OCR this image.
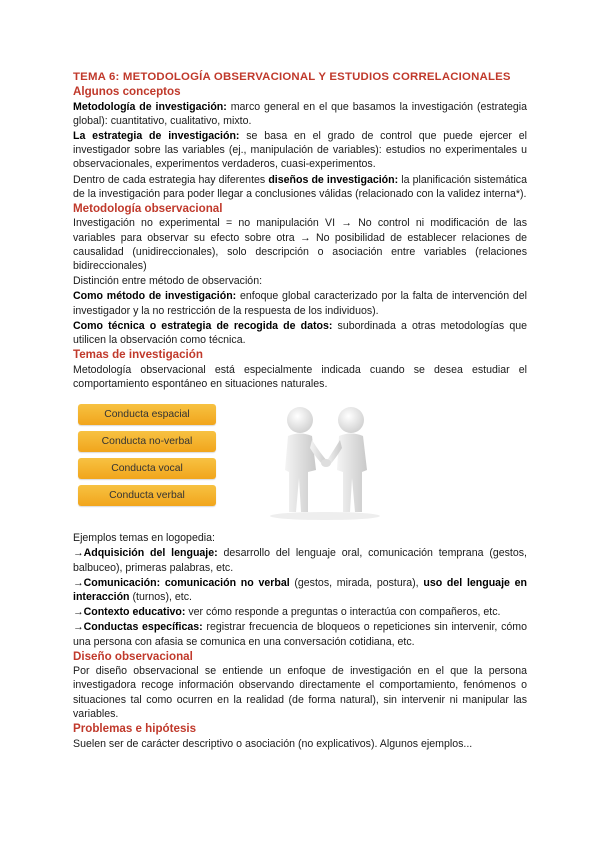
TEMA 6: METODOLOGÍA OBSERVACIONAL Y ESTUDIOS CORRELACIONALES
Algunos conceptos

Metodología de investigación: marco general en el que basamos la investigación (estrategia global): cuantitativo, cualitativo, mixto.

La estrategia de investigación: se basa en el grado de control que puede ejercer el investigador sobre las variables (ej., manipulación de variables): estudios no experimentales u observacionales, experimentos verdaderos, cuasi-experimentos.

Dentro de cada estrategia hay diferentes diseños de investigación: la planificación sistemática de la investigación para poder llegar a conclusiones válidas (relacionado con la validez interna*).

Metodología observacional

Investigación no experimental = no manipulación VI → No control ni modificación de las variables para observar su efecto sobre otra → No posibilidad de establecer relaciones de causalidad (unidireccionales), solo descripción o asociación entre variables (relaciones bidireccionales)

Distinción entre método de observación:

Como método de investigación: enfoque global caracterizado por la falta de intervención del investigador y la no restricción de la respuesta de los individuos).

Como técnica o estrategia de recogida de datos: subordinada a otras metodologías que utilicen la observación como técnica.

Temas de investigación

Metodología observacional está especialmente indicada cuando se desea estudiar el comportamiento espontáneo en situaciones naturales.

Conducta espacial
Conducta no-verbal
Conducta vocal
Conducta verbal

Ejemplos temas en logopedia:

→Adquisición del lenguaje: desarrollo del lenguaje oral, comunicación temprana (gestos, balbuceo), primeras palabras, etc.

→Comunicación: comunicación no verbal (gestos, mirada, postura), uso del lenguaje en interacción (turnos), etc.

→Contexto educativo: ver cómo responde a preguntas o interactúa con compañeros, etc.

→Conductas específicas: registrar frecuencia de bloqueos o repeticiones sin intervenir, cómo una persona con afasia se comunica en una conversación cotidiana, etc.

Diseño observacional

Por diseño observacional se entiende un enfoque de investigación en el que la persona investigadora recoge información observando directamente el comportamiento, fenómenos o situaciones tal como ocurren en la realidad (de forma natural), sin intervenir ni manipular las variables.

Problemas e hipótesis

Suelen ser de carácter descriptivo o asociación (no explicativos). Algunos ejemplos...
